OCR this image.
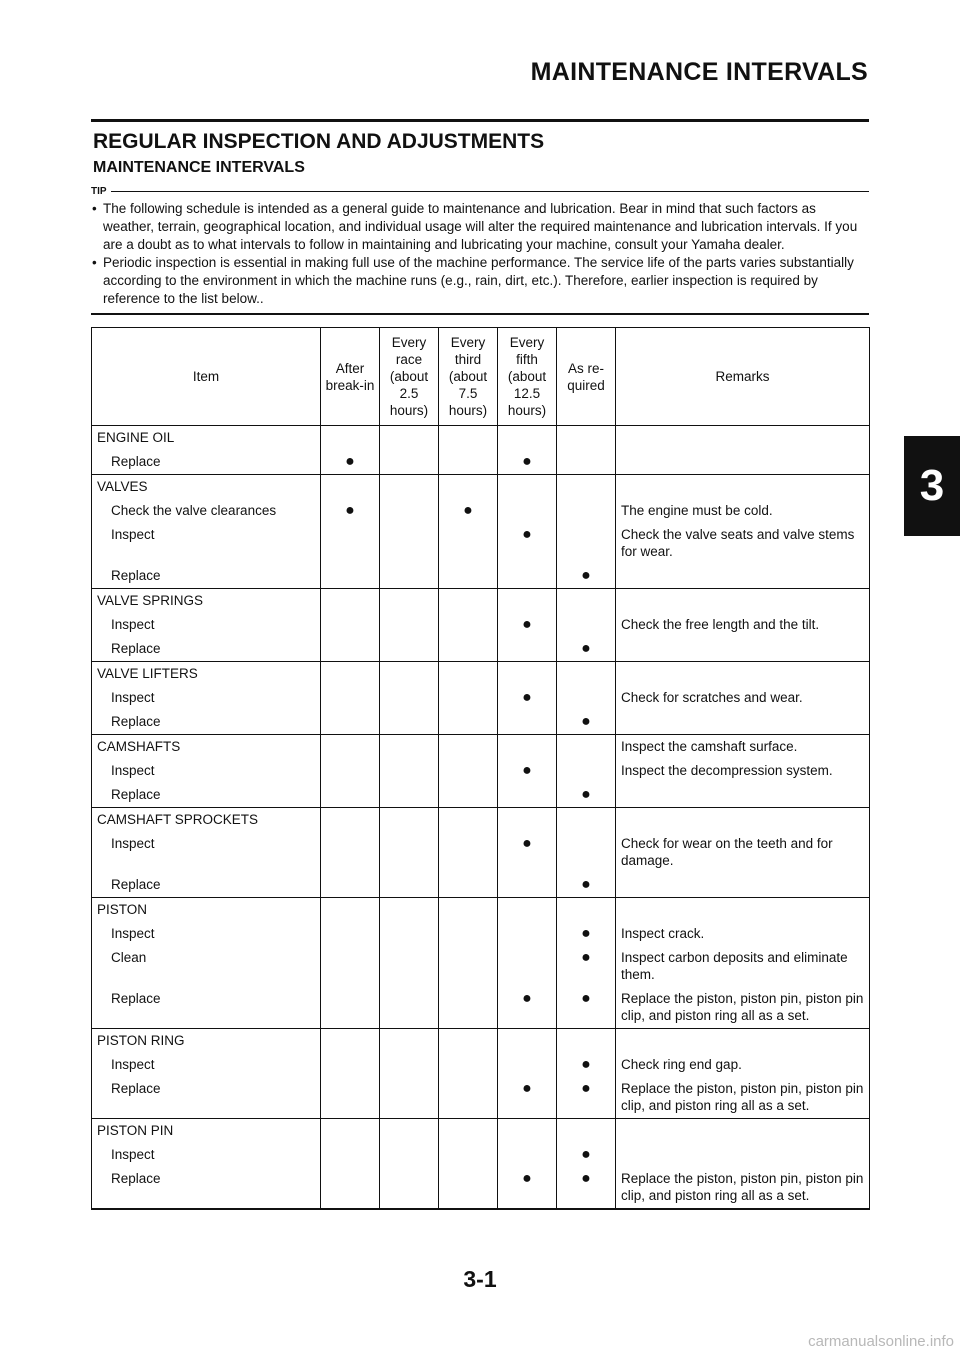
MAINTENANCE INTERVALS
REGULAR INSPECTION AND ADJUSTMENTS
MAINTENANCE INTERVALS
TIP
• The following schedule is intended as a general guide to maintenance and lubrication. Bear in mind that such factors as weather, terrain, geographical location, and individual usage will alter the required maintenance and lubrication intervals. If you are a doubt as to what intervals to follow in maintaining and lubricating your machine, consult your Yamaha dealer.
• Periodic inspection is essential in making full use of the machine performance. The service life of the parts varies substantially according to the environment in which the machine runs (e.g., rain, dirt, etc.). Therefore, earlier inspection is required by reference to the list below..
3
Item	After break-in	Every race (about 2.5 hours)	Every third (about 7.5 hours)	Every fifth (about 12.5 hours)	As re-quired	Remarks
ENGINE OIL						
Replace	●			●		
VALVES						
Check the valve clearances	●		●			The engine must be cold.
Inspect				●		Check the valve seats and valve stems for wear.
Replace					●	
VALVE SPRINGS						
Inspect				●		Check the free length and the tilt.
Replace					●	
VALVE LIFTERS						
Inspect				●		Check for scratches and wear.
Replace					●	
CAMSHAFTS						Inspect the camshaft surface.
Inspect				●		Inspect the decompression system.
Replace					●	
CAMSHAFT SPROCKETS						
Inspect				●		Check for wear on the teeth and for damage.
Replace					●	
PISTON						
Inspect					●	Inspect crack.
Clean					●	Inspect carbon deposits and eliminate them.
Replace				●	●	Replace the piston, piston pin, piston pin clip, and piston ring all as a set.
PISTON RING						
Inspect					●	Check ring end gap.
Replace				●	●	Replace the piston, piston pin, piston pin clip, and piston ring all as a set.
PISTON PIN						
Inspect					●	
Replace				●	●	Replace the piston, piston pin, piston pin clip, and piston ring all as a set.
3-1
carmanualsonline.info
